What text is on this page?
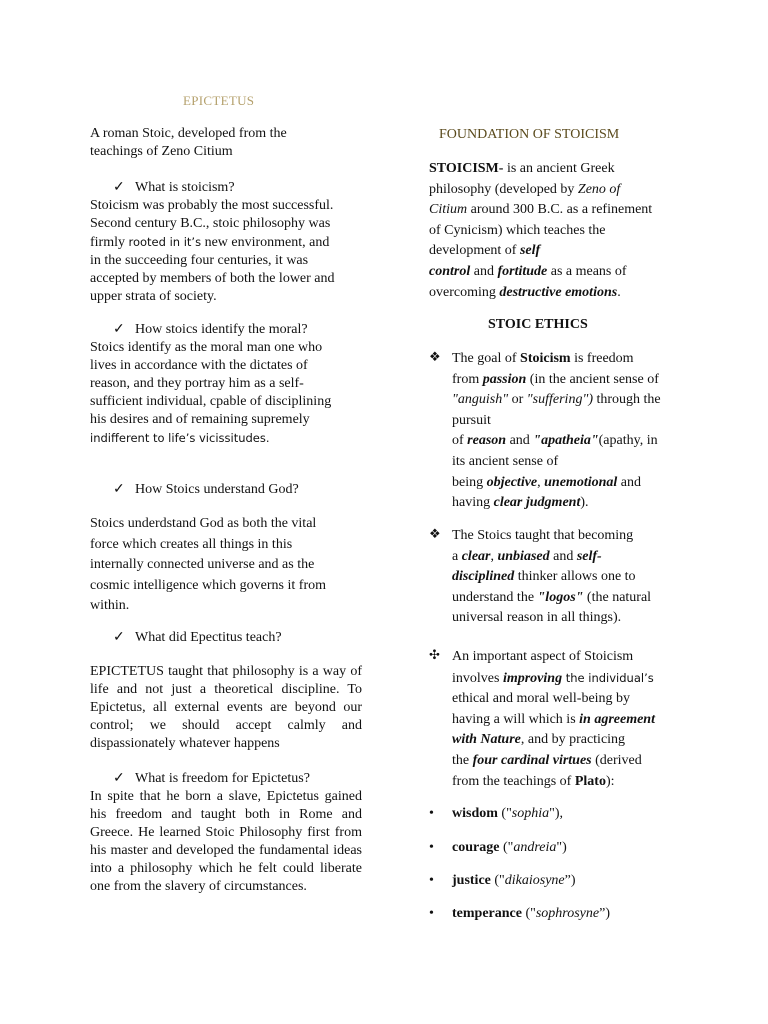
EPICTETUS

A roman Stoic, developed from the

teachings of Zeno Citium

✓ What is stoicism?

Stoicism was probably the most successful.

Second century B.C., stoic philosophy was

firmly rooted in it’s new environment, and

in the succeeding four centuries, it was

accepted by members of both the lower and

upper strata of society.

✓ How stoics identify the moral?

Stoics identify as the moral man one who

lives in accordance with the dictates of

reason, and they portray him as a self-

sufficient individual, cpable of disciplining

his desires and of remaining supremely

indifferent to life’s vicissitudes.

✓ How Stoics understand God?

Stoics underdstand God as both the vital

force which creates all things in this

internally connected universe and as the

cosmic intelligence which governs it from

within.

✓ What did Epectitus teach?

EPICTETUS taught that philosophy is a way of life and not just a theoretical discipline. To Epictetus, all external events are beyond our control; we should accept calmly and dispassionately whatever happens

✓ What is freedom for Epictetus?

In spite that he born a slave, Epictetus gained his freedom and taught both in Rome and Greece. He learned Stoic Philosophy first from his master and developed the fundamental ideas into a philosophy which he felt could liberate one from the slavery of circumstances.

FOUNDATION OF STOICISM

STOICISM- is an ancient Greek

philosophy (developed by Zeno of

Citium around 300 B.C. as a refinement

of Cynicism) which teaches the

development of self

control and fortitude as a means of

overcoming destructive emotions.

STOIC ETHICS

❖ The goal of Stoicism is freedom
from passion (in the ancient sense of
"anguish" or "suffering") through the
pursuit
of reason and "apatheia"(apathy, in
its ancient sense of
being objective, unemotional and
having clear judgment).
❖ The Stoics taught that becoming
a clear, unbiased and self-
disciplined thinker allows one to
understand the "logos" (the natural
universal reason in all things).
✣ An important aspect of Stoicism
involves improving the individual’s
ethical and moral well-being by
having a will which is in agreement
with Nature, and by practicing
the four cardinal virtues (derived
from the teachings of Plato):
• wisdom ("sophia"),
• courage ("andreia")
• justice ("dikaiosyne”)
• temperance ("sophrosyne”)
